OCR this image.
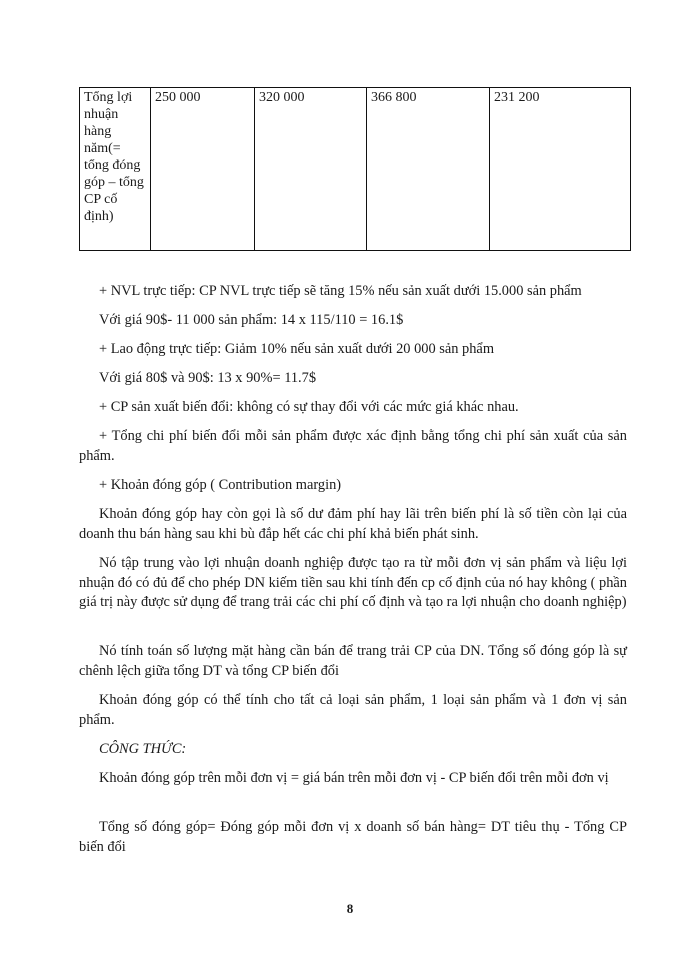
Tổng lợi nhuận hàng năm(= tổng đóng góp – tổng CP cố định)	250 000	320 000	366 800	231 200
+ NVL trực tiếp: CP NVL trực tiếp sẽ tăng 15% nếu sản xuất dưới 15.000 sản phẩm
Với giá 90$- 11 000 sản phẩm: 14 x 115/110 = 16.1$
+ Lao động trực tiếp: Giảm 10% nếu sản xuất dưới 20 000 sản phẩm
Với giá 80$ và 90$: 13 x 90%= 11.7$
+ CP sản xuất biến đổi: không có sự thay đổi với các mức giá khác nhau.
+ Tổng chi phí biến đổi mỗi sản phẩm được xác định bằng tổng chi phí sản xuất của sản phẩm.
+ Khoản đóng góp ( Contribution margin)
Khoản đóng góp hay còn gọi là số dư đảm phí hay lãi trên biến phí là số tiền còn lại của doanh thu bán hàng sau khi bù đắp hết các chi phí khả biến phát sinh.
Nó tập trung vào lợi nhuận doanh nghiệp được tạo ra từ mỗi đơn vị sản phẩm và liệu lợi nhuận đó có đủ để cho phép DN kiếm tiền sau khi tính đến cp cố định của nó hay không ( phần giá trị này được sử dụng để trang trải các chi phí cố định và tạo ra lợi nhuận cho doanh nghiệp)
Nó tính toán số lượng mặt hàng cần bán để trang trải CP của DN. Tổng số đóng góp là sự chênh lệch giữa tổng DT và tổng CP biến đổi
Khoản đóng góp có thể tính cho tất cả loại sản phẩm, 1 loại sản phẩm và 1 đơn vị sản phẩm.
CÔNG THỨC:
Khoản đóng góp trên mỗi đơn vị = giá bán trên mỗi đơn vị - CP biến đổi trên mỗi đơn vị
Tổng số đóng góp= Đóng góp mỗi đơn vị x doanh số bán hàng= DT tiêu thụ - Tổng CP biến đổi
8
